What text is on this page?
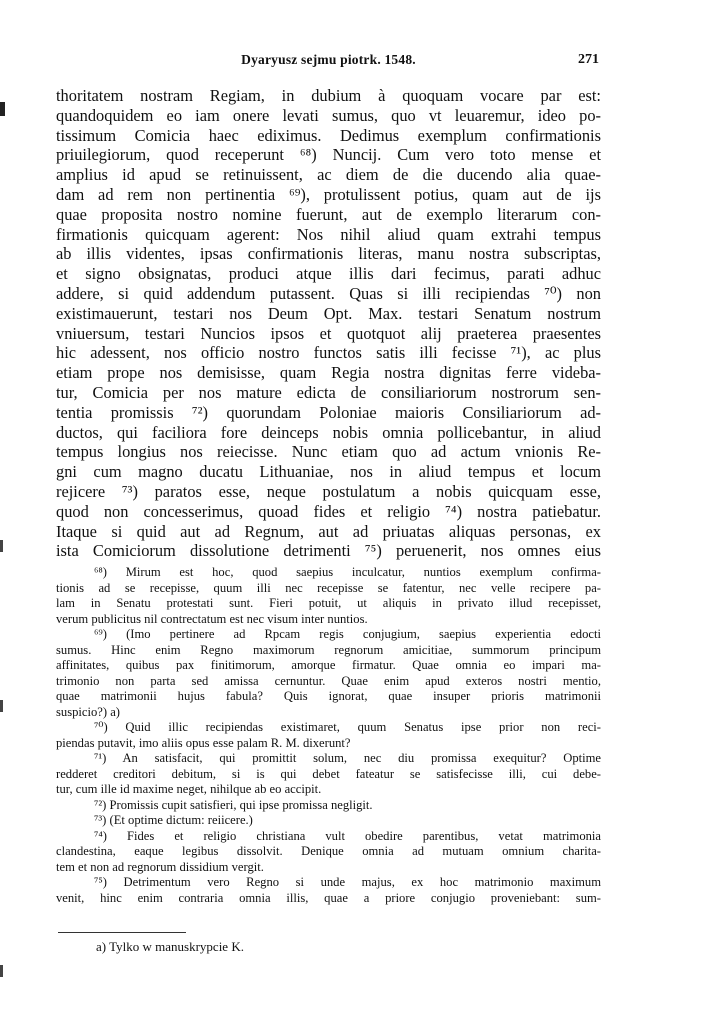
Dyaryusz sejmu piotrk. 1548.	271
thoritatem nostram Regiam, in dubium à quoquam vocare par est:
quandoquidem eo iam onere levati sumus, quo vt leuaremur, ideo po-
tissimum Comicia haec ediximus. Dedimus exemplum confirmationis
priuilegiorum, quod receperunt ⁶⁸) Nuncij. Cum vero toto mense et
amplius id apud se retinuissent, ac diem de die ducendo alia quae-
dam ad rem non pertinentia ⁶⁹), protulissent potius, quam aut de ijs
quae proposita nostro nomine fuerunt, aut de exemplo literarum con-
firmationis quicquam agerent: Nos nihil aliud quam extrahi tempus
ab illis videntes, ipsas confirmationis literas, manu nostra subscriptas,
et signo obsignatas, produci atque illis dari fecimus, parati adhuc
addere, si quid addendum putassent. Quas si illi recipiendas ⁷⁰) non
existimauerunt, testari nos Deum Opt. Max. testari Senatum nostrum
vniuersum, testari Nuncios ipsos et quotquot alij praeterea praesentes
hic adessent, nos officio nostro functos satis illi fecisse ⁷¹), ac plus
etiam prope nos demisisse, quam Regia nostra dignitas ferre videba-
tur, Comicia per nos mature edicta de consiliariorum nostrorum sen-
tentia promissis ⁷²) quorundam Poloniae maioris Consiliariorum ad-
ductos, qui faciliora fore deinceps nobis omnia pollicebantur, in aliud
tempus longius nos reiecisse. Nunc etiam quo ad actum vnionis Re-
gni cum magno ducatu Lithuaniae, nos in aliud tempus et locum
rejicere ⁷³) paratos esse, neque postulatum a nobis quicquam esse,
quod non concesserimus, quoad fides et religio ⁷⁴) nostra patiebatur.
Itaque si quid aut ad Regnum, aut ad priuatas aliquas personas, ex
ista Comiciorum dissolutione detrimenti ⁷⁵) peruenerit, nos omnes eius
⁶⁸) Mirum est hoc, quod saepius inculcatur, nuntios exemplum confirma-
tionis ad se recepisse, quum illi nec recepisse se fatentur, nec velle recipere pa-
lam in Senatu protestati sunt. Fieri potuit, ut aliquis in privato illud recepisset,
verum publicitus nil contrectatum est nec visum inter nuntios.
⁶⁹) (Imo pertinere ad Rpcam regis conjugium, saepius experientia edocti
sumus. Hinc enim Regno maximorum regnorum amicitiae, summorum principum
affinitates, quibus pax finitimorum, amorque firmatur. Quae omnia eo impari ma-
trimonio non parta sed amissa cernuntur. Quae enim apud exteros nostri mentio,
quae matrimonii hujus fabula? Quis ignorat, quae insuper prioris matrimonii
suspicio?) a)
⁷⁰) Quid illic recipiendas existimaret, quum Senatus ipse prior non reci-
piendas putavit, imo aliis opus esse palam R. M. dixerunt?
⁷¹) An satisfacit, qui promittit solum, nec diu promissa exequitur? Optime
redderet creditori debitum, si is qui debet fateatur se satisfecisse illi, cui debe-
tur, cum ille id maxime neget, nihilque ab eo accipit.
⁷²) Promissis cupit satisfieri, qui ipse promissa negligit.
⁷³) (Et optime dictum: reiicere.)
⁷⁴) Fides et religio christiana vult obedire parentibus, vetat matrimonia
clandestina, eaque legibus dissolvit. Denique omnia ad mutuam omnium charita-
tem et non ad regnorum dissidium vergit.
⁷⁵) Detrimentum vero Regno si unde majus, ex hoc matrimonio maximum
venit, hinc enim contraria omnia illis, quae a priore conjugio proveniebant: sum-
a) Tylko w manuskrypcie K.
